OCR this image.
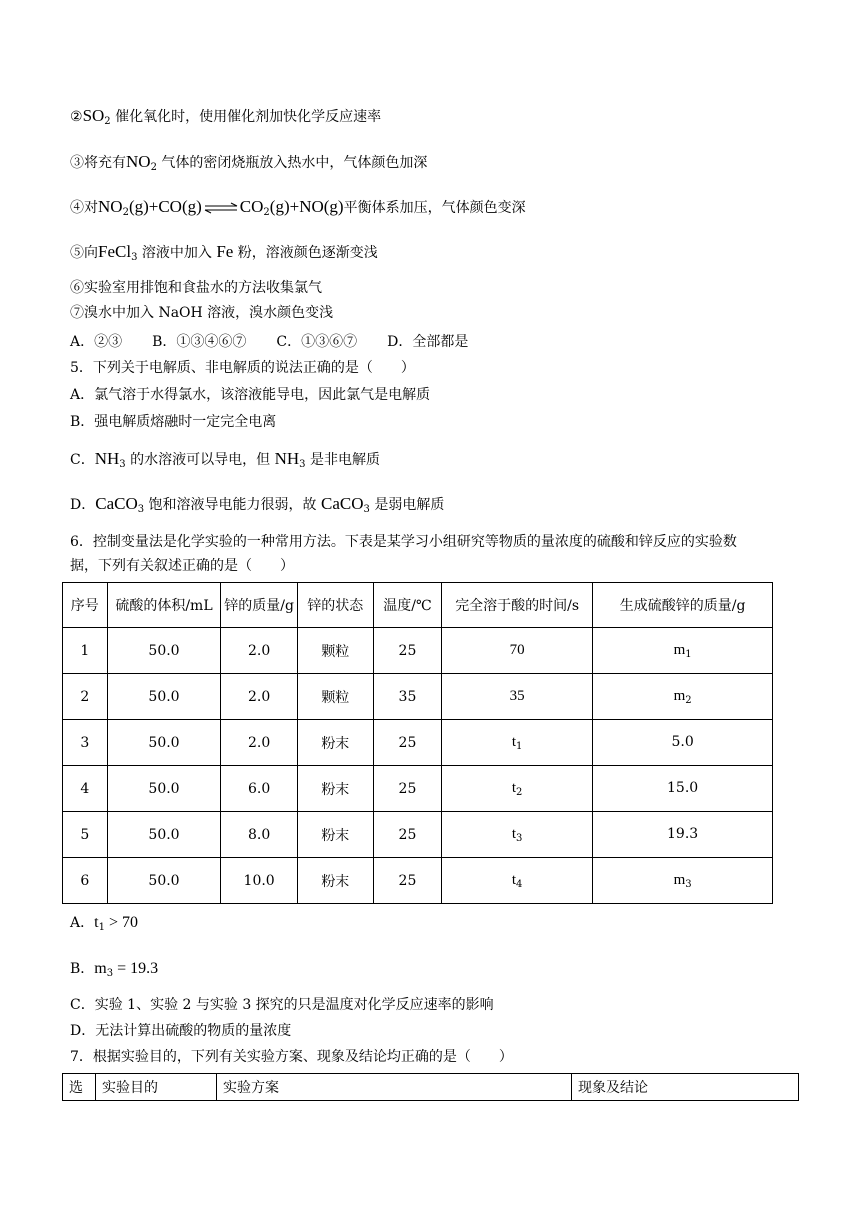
$②SO_2$ 催化氧化时，使用催化剂加快化学反应速率
③将充有$NO_2$ 气体的密闭烧瓶放入热水中，气体颜色加深
④对$NO_2(g)+CO(g)$ ⇌ $CO_2(g)+NO(g)$平衡体系加压，气体颜色变深
⑤向FeCl$_3$ 溶液中加入 Fe 粉，溶液颜色逐渐变浅
⑥实验室用排饱和食盐水的方法收集氯气
⑦溴水中加入 NaOH 溶液，溴水颜色变浅
A．②③ B．①③④⑥⑦ C．①③⑥⑦ D．全部都是
5．下列关于电解质、非电解质的说法正确的是（　　）
A．氯气溶于水得氯水，该溶液能导电，因此氯气是电解质
B．强电解质熔融时一定完全电离
C．$NH_3$ 的水溶液可以导电，但 $NH_3$ 是非电解质
D．CaCO$_3$ 饱和溶液导电能力很弱，故 CaCO$_3$ 是弱电解质
6．控制变量法是化学实验的一种常用方法。下表是某学习小组研究等物质的量浓度的硫酸和锌反应的实验数
据，下列有关叙述正确的是（　　）
序号	硫酸的体积/mL	锌的质量/g	锌的状态	温度/℃	完全溶于酸的时间/s	生成硫酸锌的质量/g
1	50.0	2.0	颗粒	25	70	$m_1$
2	50.0	2.0	颗粒	35	35	$m_2$
3	50.0	2.0	粉末	25	$t_1$	5.0
4	50.0	6.0	粉末	25	$t_2$	15.0
5	50.0	8.0	粉末	25	$t_3$	19.3
6	50.0	10.0	粉末	25	$t_4$	$m_3$
A．$t_1 > 70$
B．$m_3 = 19.3$
C．实验 1、实验 2 与实验 3 探究的只是温度对化学反应速率的影响
D．无法计算出硫酸的物质的量浓度
7．根据实验目的，下列有关实验方案、现象及结论均正确的是（　　）
选	实验目的	实验方案	现象及结论
